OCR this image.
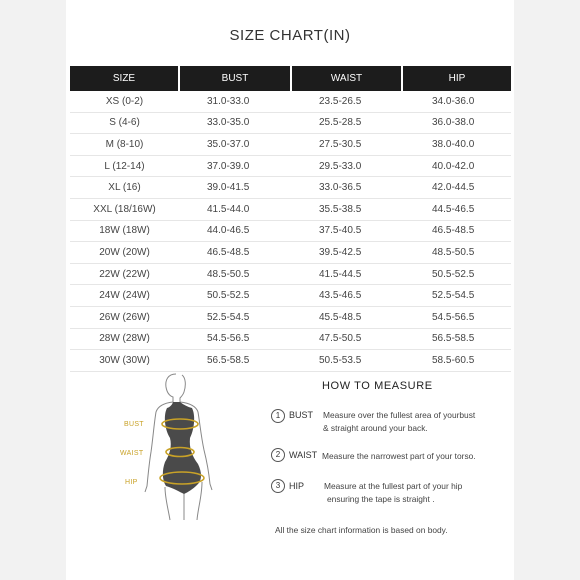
SIZE CHART(IN)
SIZE	BUST	WAIST	HIP
XS (0-2)	31.0-33.0	23.5-26.5	34.0-36.0
S (4-6)	33.0-35.0	25.5-28.5	36.0-38.0
M (8-10)	35.0-37.0	27.5-30.5	38.0-40.0
L (12-14)	37.0-39.0	29.5-33.0	40.0-42.0
XL (16)	39.0-41.5	33.0-36.5	42.0-44.5
XXL (18/16W)	41.5-44.0	35.5-38.5	44.5-46.5
18W (18W)	44.0-46.5	37.5-40.5	46.5-48.5
20W (20W)	46.5-48.5	39.5-42.5	48.5-50.5
22W (22W)	48.5-50.5	41.5-44.5	50.5-52.5
24W (24W)	50.5-52.5	43.5-46.5	52.5-54.5
26W (26W)	52.5-54.5	45.5-48.5	54.5-56.5
28W (28W)	54.5-56.5	47.5-50.5	56.5-58.5
30W (30W)	56.5-58.5	50.5-53.5	58.5-60.5
BUST
WAIST
HIP
HOW TO MEASURE
1 BUST Measure over the fullest area of yourbust
& straight around your back.
2 WAIST Measure the narrowest part of your torso.
3 HIP Measure at the fullest part of your hip
ensuring the tape is straight .
All the size chart information is based on body.
